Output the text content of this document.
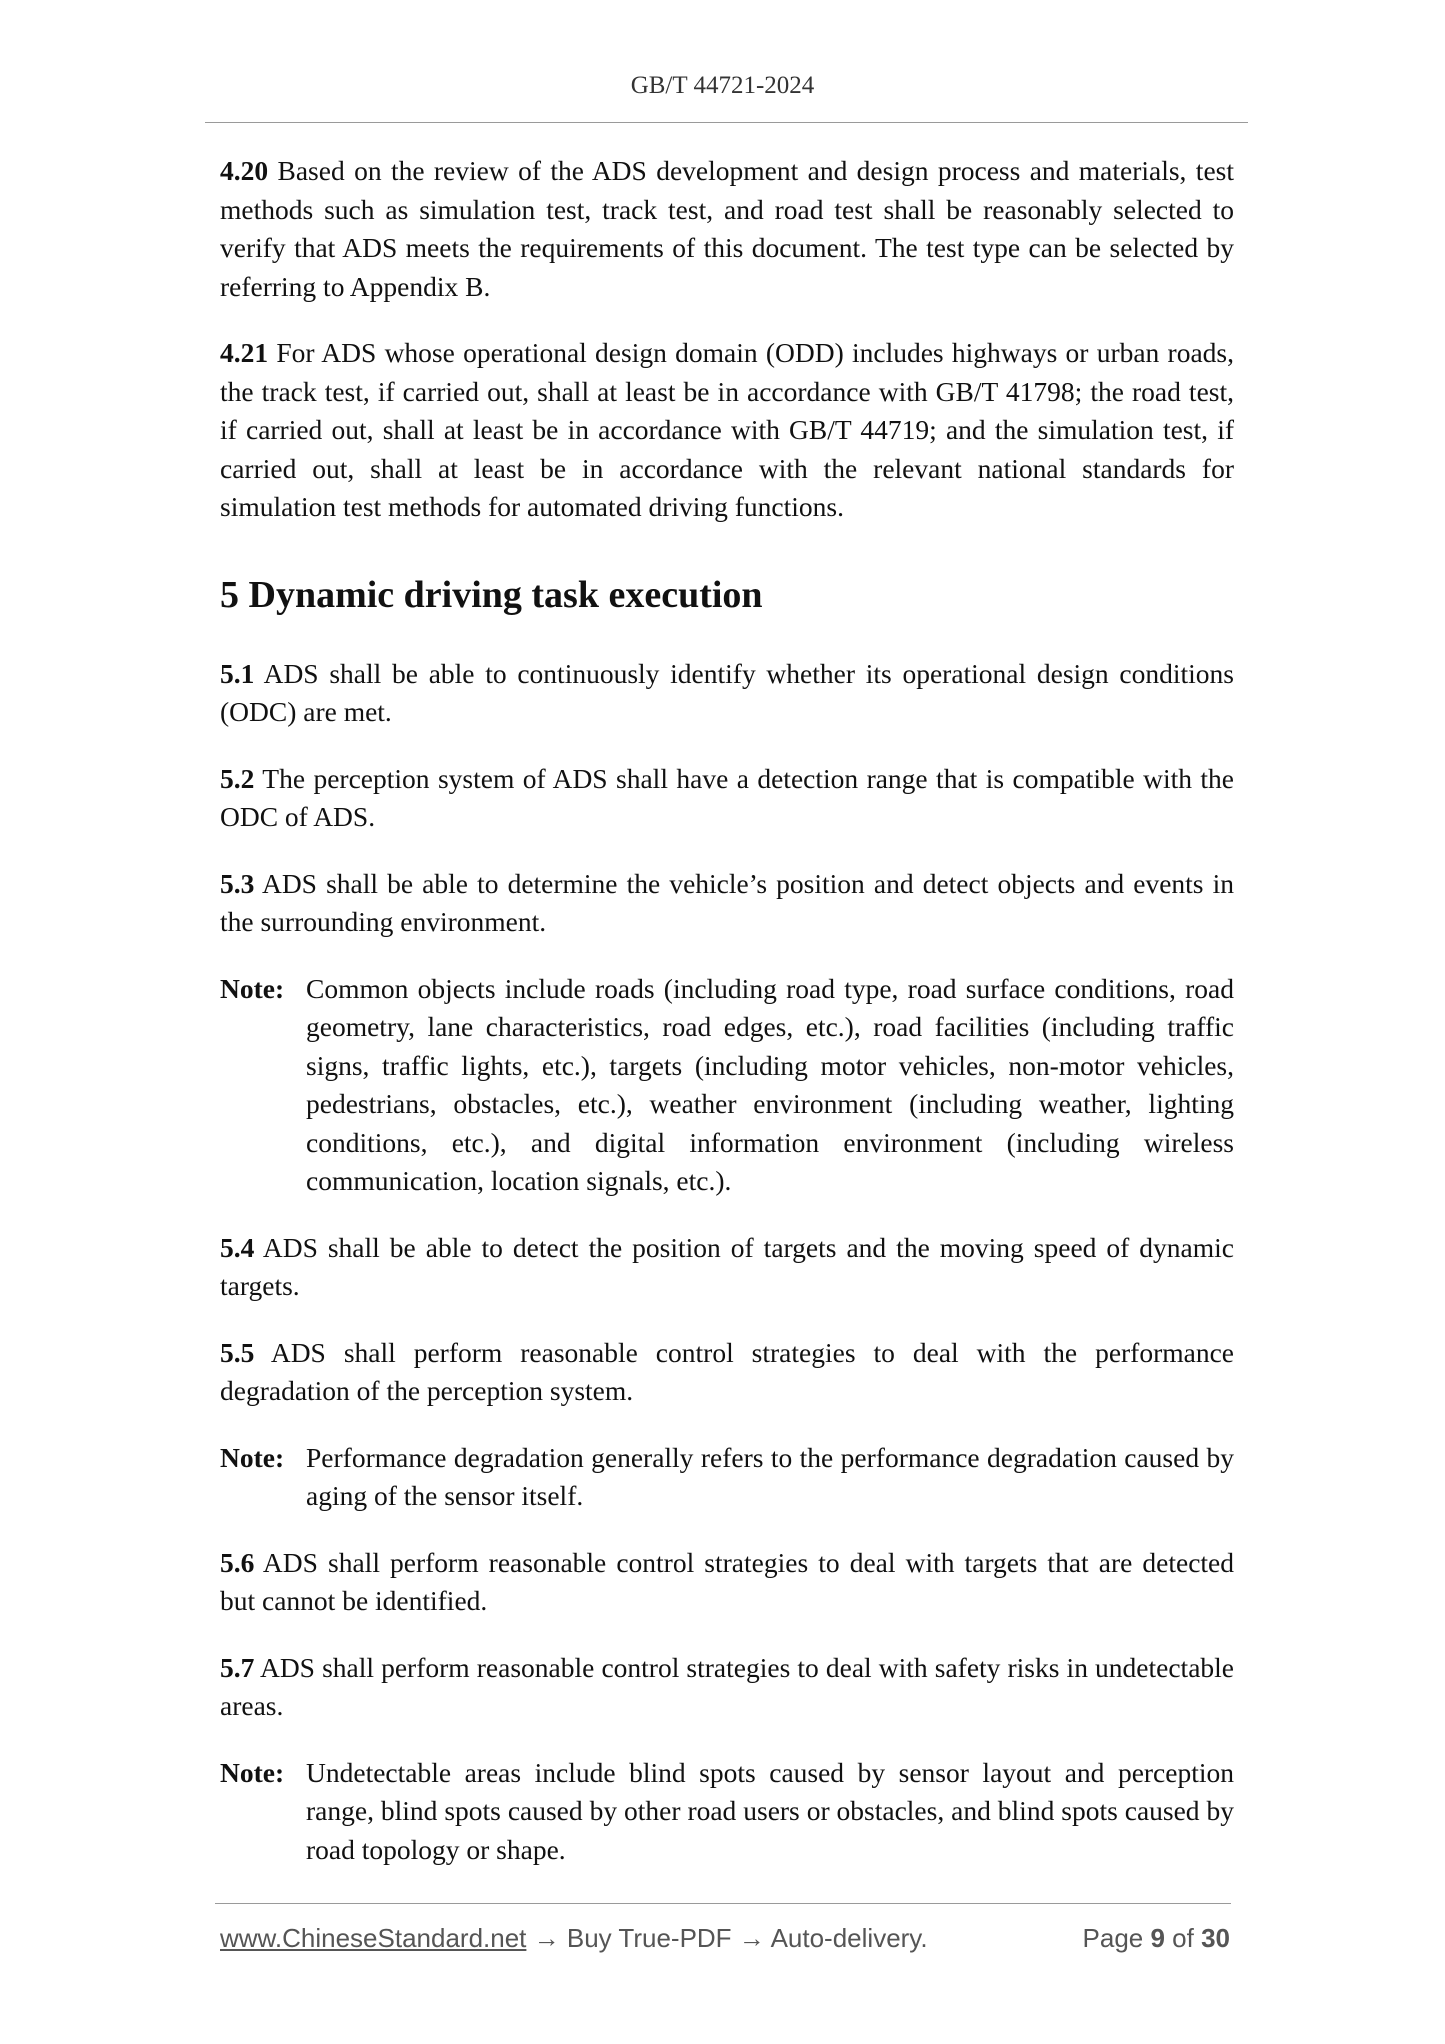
GB/T 44721-2024

4.20 Based on the review of the ADS development and design process and materials, test methods such as simulation test, track test, and road test shall be reasonably selected to verify that ADS meets the requirements of this document. The test type can be selected by referring to Appendix B.

4.21 For ADS whose operational design domain (ODD) includes highways or urban roads, the track test, if carried out, shall at least be in accordance with GB/T 41798; the road test, if carried out, shall at least be in accordance with GB/T 44719; and the simulation test, if carried out, shall at least be in accordance with the relevant national standards for simulation test methods for automated driving functions.

5 Dynamic driving task execution

5.1 ADS shall be able to continuously identify whether its operational design conditions (ODC) are met.

5.2 The perception system of ADS shall have a detection range that is compatible with the ODC of ADS.

5.3 ADS shall be able to determine the vehicle’s position and detect objects and events in the surrounding environment.

Note: Common objects include roads (including road type, road surface conditions, road geometry, lane characteristics, road edges, etc.), road facilities (including traffic signs, traffic lights, etc.), targets (including motor vehicles, non-motor vehicles, pedestrians, obstacles, etc.), weather environment (including weather, lighting conditions, etc.), and digital information environment (including wireless communication, location signals, etc.).

5.4 ADS shall be able to detect the position of targets and the moving speed of dynamic targets.

5.5 ADS shall perform reasonable control strategies to deal with the performance degradation of the perception system.

Note: Performance degradation generally refers to the performance degradation caused by aging of the sensor itself.

5.6 ADS shall perform reasonable control strategies to deal with targets that are detected but cannot be identified.

5.7 ADS shall perform reasonable control strategies to deal with safety risks in undetectable areas.

Note: Undetectable areas include blind spots caused by sensor layout and perception range, blind spots caused by other road users or obstacles, and blind spots caused by road topology or shape.
www.ChineseStandard.net → Buy True-PDF → Auto-delivery.	Page 9 of 30
